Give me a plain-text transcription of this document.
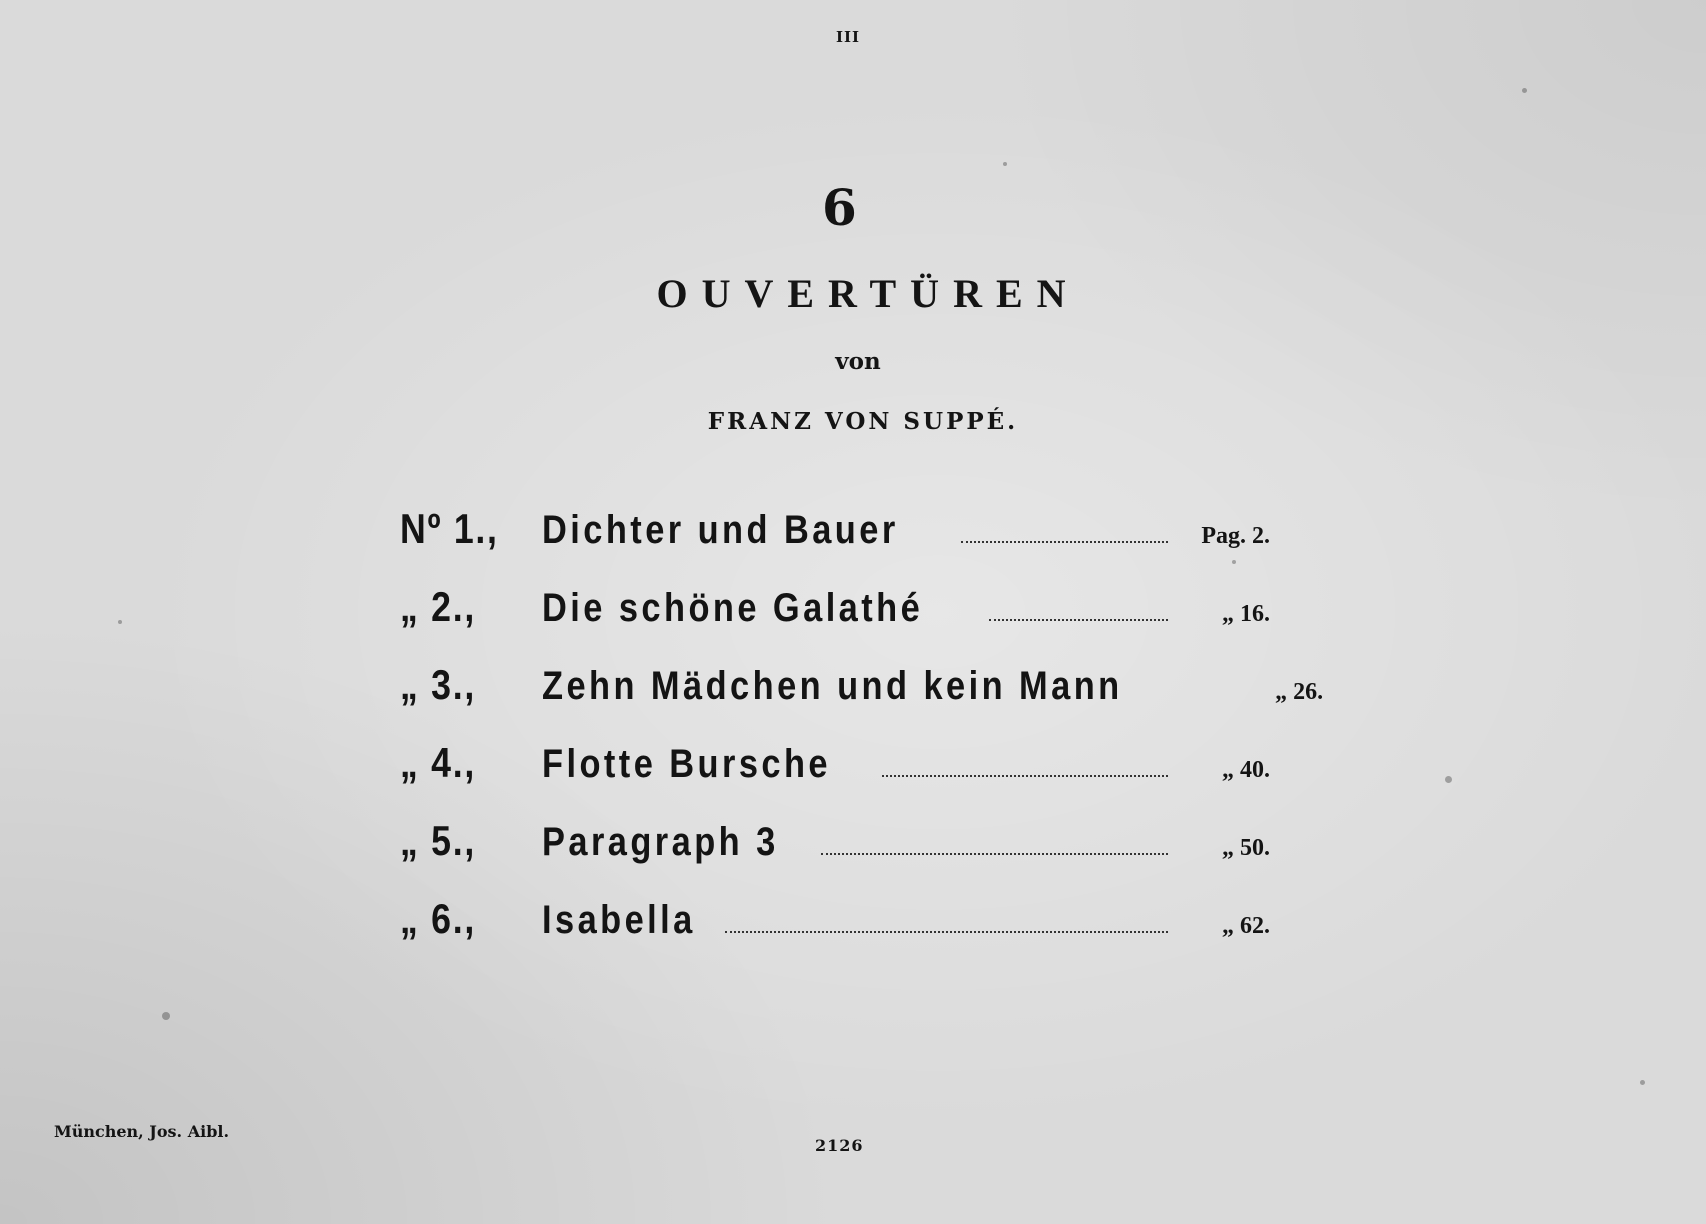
III
6
OUVERTÜREN
von
FRANZ VON SUPPÉ.
Nº 1.,	Dichter und Bauer	Pag. 2.
„ 2.,	Die schöne Galathé	„ 16.
„ 3.,	Zehn Mädchen und kein Mann	„ 26.
„ 4.,	Flotte Bursche	„ 40.
„ 5.,	Paragraph 3	„ 50.
„ 6.,	Isabella	„ 62.
München, Jos. Aibl.
2126
